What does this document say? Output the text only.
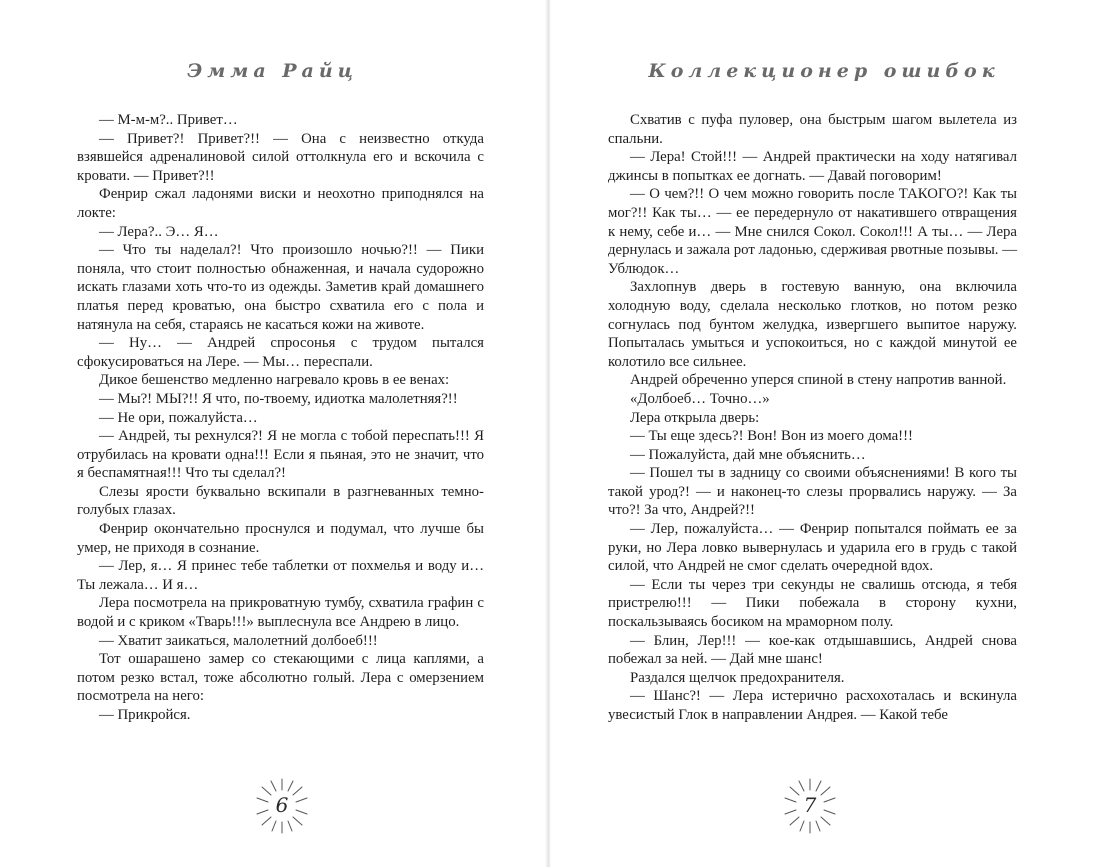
Эмма Райц

— М-м-м?.. Привет…

— Привет?! Привет?!! — Она с неизвестно откуда взявшейся адреналиновой силой оттолкнула его и вскочила с кровати. — Привет?!!

Фенрир сжал ладонями виски и неохотно приподнялся на локте:

— Лера?.. Э… Я…

— Что ты наделал?! Что произошло ночью?!! — Пики поняла, что стоит полностью обнаженная, и начала судорожно искать глазами хоть что-то из одежды. Заметив край домашнего платья перед кроватью, она быстро схватила его с пола и натянула на себя, стараясь не касаться кожи на животе.

— Ну… — Андрей спросонья с трудом пытался сфокусироваться на Лере. — Мы… переспали.

Дикое бешенство медленно нагревало кровь в ее венах:

— Мы?! МЫ?!! Я что, по-твоему, идиотка малолетняя?!!

— Не ори, пожалуйста…

— Андрей, ты рехнулся?! Я не могла с тобой переспать!!! Я отрубилась на кровати одна!!! Если я пьяная, это не значит, что я беспамятная!!! Что ты сделал?!

Слезы ярости буквально вскипали в разгневанных темно-голубых глазах.

Фенрир окончательно проснулся и подумал, что лучше бы умер, не приходя в сознание.

— Лер, я… Я принес тебе таблетки от похмелья и воду и… Ты лежала… И я…

Лера посмотрела на прикроватную тумбу, схватила графин с водой и с криком «Тварь!!!» выплеснула все Андрею в лицо.

— Хватит заикаться, малолетний долбоеб!!!

Тот ошарашено замер со стекающими с лица каплями, а потом резко встал, тоже абсолютно голый. Лера с омерзением посмотрела на него:

— Прикройся.

6
Коллекционер ошибок

Схватив с пуфа пуловер, она быстрым шагом вылетела из спальни.

— Лера! Стой!!! — Андрей практически на ходу натягивал джинсы в попытках ее догнать. — Давай поговорим!

— О чем?!! О чем можно говорить после ТАКОГО?! Как ты мог?!! Как ты… — ее передернуло от накатившего отвращения к нему, себе и… — Мне снился Сокол. Сокол!!! А ты… — Лера дернулась и зажала рот ладонью, сдерживая рвотные позывы. — Ублюдок…

Захлопнув дверь в гостевую ванную, она включила холодную воду, сделала несколько глотков, но потом резко согнулась под бунтом желудка, извергшего выпитое наружу. Попыталась умыться и успокоиться, но с каждой минутой ее колотило все сильнее.

Андрей обреченно уперся спиной в стену напротив ванной.

«Долбоеб… Точно…»

Лера открыла дверь:

— Ты еще здесь?! Вон! Вон из моего дома!!!

— Пожалуйста, дай мне объяснить…

— Пошел ты в задницу со своими объяснениями! В кого ты такой урод?! — и наконец-то слезы прорвались наружу. — За что?! За что, Андрей?!!

— Лер, пожалуйста… — Фенрир попытался поймать ее за руки, но Лера ловко вывернулась и ударила его в грудь с такой силой, что Андрей не смог сделать очередной вдох.

— Если ты через три секунды не свалишь отсюда, я тебя пристрелю!!! — Пики побежала в сторону кухни, поскальзываясь босиком на мраморном полу.

— Блин, Лер!!! — кое-как отдышавшись, Андрей снова побежал за ней. — Дай мне шанс!

Раздался щелчок предохранителя.

— Шанс?! — Лера истерично расхохоталась и вскинула увесистый Глок в направлении Андрея. — Какой тебе

7
